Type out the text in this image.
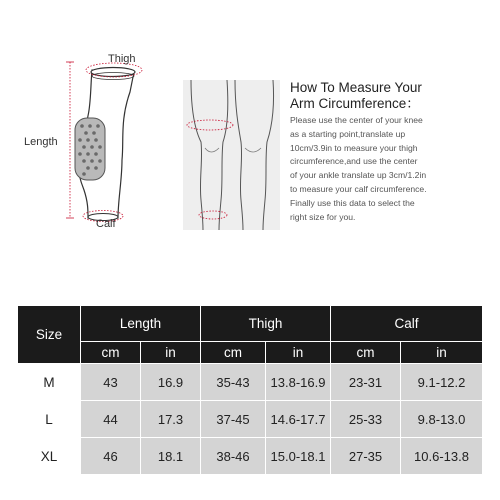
Thigh
Length
Calf
How To Measure Your
Arm Circumference：
Please use the center of your knee
as a starting point,translate up
10cm/3.9in to measure your thigh
circumference,and use the center
of your ankle translate up 3cm/1.2in
to measure your calf circumference.
Finally use this data to select the
right size for you.
Size	Length		Thigh		Calf	
	cm	in	cm	in	cm	in
M	43	16.9	35-43	13.8-16.9	23-31	9.1-12.2
L	44	17.3	37-45	14.6-17.7	25-33	9.8-13.0
XL	46	18.1	38-46	15.0-18.1	27-35	10.6-13.8
